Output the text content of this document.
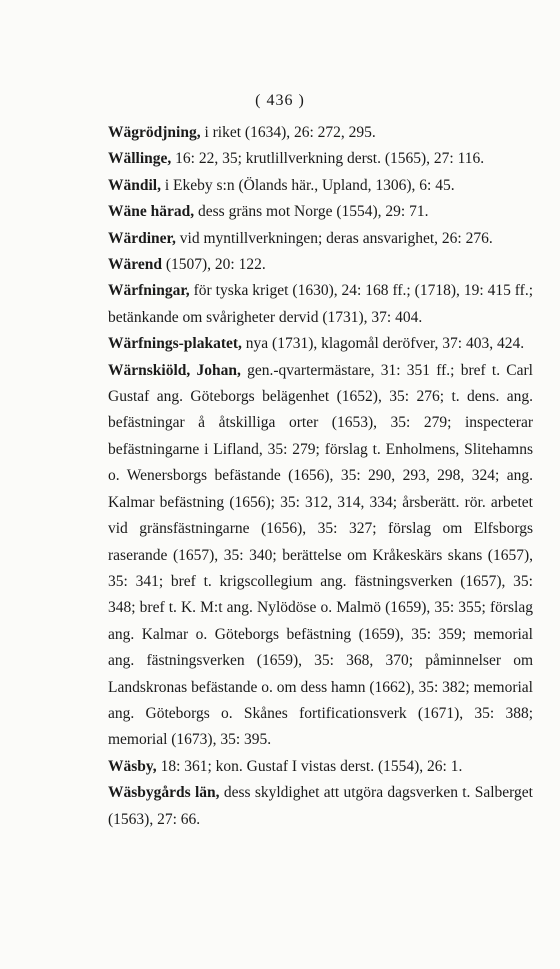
( 436 )

Wägrödjning, i riket (1634), 26: 272, 295.

Wällinge, 16: 22, 35; krutlillverkning derst. (1565), 27: 116.

Wändil, i Ekeby s:n (Ölands här., Upland, 1306), 6: 45.

Wäne härad, dess gräns mot Norge (1554), 29: 71.

Wärdiner, vid myntillverkningen; deras ansvarighet, 26: 276.

Wärend (1507), 20: 122.

Wärfningar, för tyska kriget (1630), 24: 168 ff.; (1718), 19: 415 ff.; betänkande om svårigheter dervid (1731), 37: 404.

Wärfnings-plakatet, nya (1731), klagomål deröfver, 37: 403, 424.

Wärnskiöld, Johan, gen.-qvartermästare, 31: 351 ff.; bref t. Carl Gustaf ang. Göteborgs belägenhet (1652), 35: 276; t. dens. ang. befästningar å åtskilliga orter (1653), 35: 279; inspecterar befästningarne i Lifland, 35: 279; förslag t. Enholmens, Slitehamns o. Wenersborgs befästande (1656), 35: 290, 293, 298, 324; ang. Kalmar befästning (1656); 35: 312, 314, 334; årsberätt. rör. arbetet vid gränsfästningarne (1656), 35: 327; förslag om Elfsborgs raserande (1657), 35: 340; berättelse om Kråkeskärs skans (1657), 35: 341; bref t. krigscollegium ang. fästningsverken (1657), 35: 348; bref t. K. M:t ang. Nylödöse o. Malmö (1659), 35: 355; förslag ang. Kalmar o. Göteborgs befästning (1659), 35: 359; memorial ang. fästningsverken (1659), 35: 368, 370; påminnelser om Landskronas befästande o. om dess hamn (1662), 35: 382; memorial ang. Göteborgs o. Skånes fortificationsverk (1671), 35: 388; memorial (1673), 35: 395.

Wäsby, 18: 361; kon. Gustaf I vistas derst. (1554), 26: 1.

Wäsbygårds län, dess skyldighet att utgöra dagsverken t. Salberget (1563), 27: 66.
